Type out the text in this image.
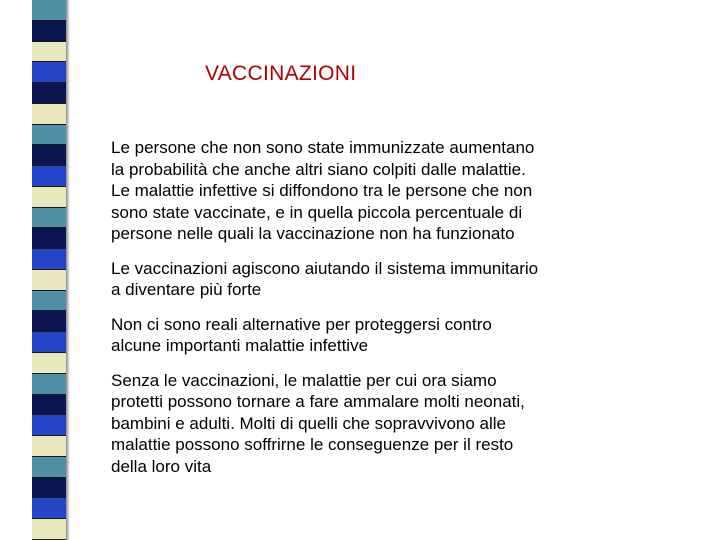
VACCINAZIONI
Le persone che non sono state immunizzate aumentano
la probabilità che anche altri siano colpiti dalle malattie.
Le malattie infettive si diffondono tra le persone che non
sono state vaccinate, e in quella piccola percentuale di
persone nelle quali la vaccinazione non ha funzionato
Le vaccinazioni agiscono aiutando il sistema immunitario
a diventare più forte
Non ci sono reali alternative per proteggersi contro
alcune importanti malattie infettive
Senza le vaccinazioni, le malattie per cui ora siamo
protetti possono tornare a fare ammalare molti neonati,
bambini e adulti. Molti di quelli che sopravvivono alle
malattie possono soffrirne le conseguenze per il resto
della loro vita
